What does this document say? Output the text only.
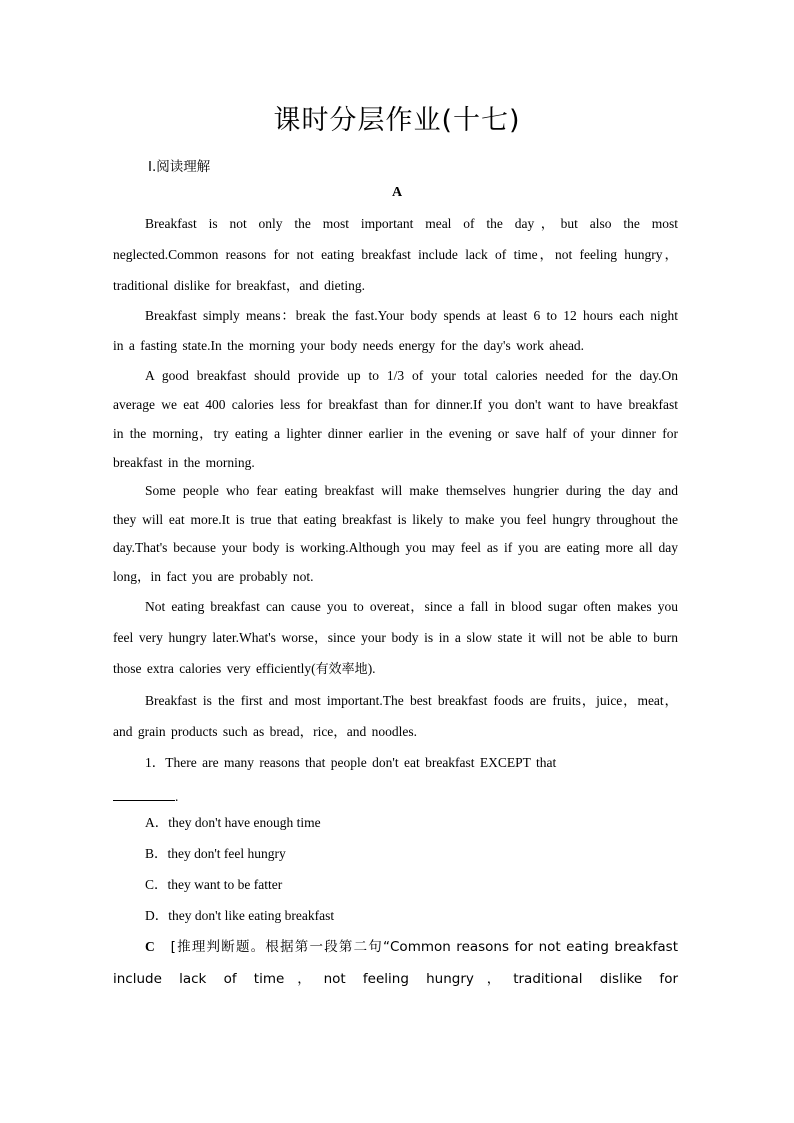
课时分层作业(十七)
Ⅰ.阅读理解
A

Breakfast is not only the most important meal of the day，but also the most neglected.Common reasons for not eating breakfast include lack of time，not feeling hungry，traditional dislike for breakfast，and dieting.

Breakfast simply means：break the fast.Your body spends at least 6 to 12 hours each night in a fasting state.In the morning your body needs energy for the day's work ahead.

A good breakfast should provide up to 1/3 of your total calories needed for the day.On average we eat 400 calories less for breakfast than for dinner.If you don't want to have breakfast in the morning，try eating a lighter dinner earlier in the evening or save half of your dinner for breakfast in the morning.

Some people who fear eating breakfast will make themselves hungrier during the day and they will eat more.It is true that eating breakfast is likely to make you feel hungry throughout the day.That's because your body is working.Although you may feel as if you are eating more all day long，in fact you are probably not.

Not eating breakfast can cause you to overeat，since a fall in blood sugar often makes you feel very hungry later.What's worse，since your body is in a slow state it will not be able to burn those extra calories very efficiently(有效率地).

Breakfast is the first and most important.The best breakfast foods are fruits，juice，meat，and grain products such as bread，rice，and noodles.

1．There are many reasons that people don't eat breakfast EXCEPT that

.
A．they don't have enough time
B．they don't feel hungry
C．they want to be fatter
D．they don't like eating breakfast

C　 [推理判断题。根据第一段第二句“Common reasons for not eating breakfast include lack of time，not feeling hungry，traditional dislike for
